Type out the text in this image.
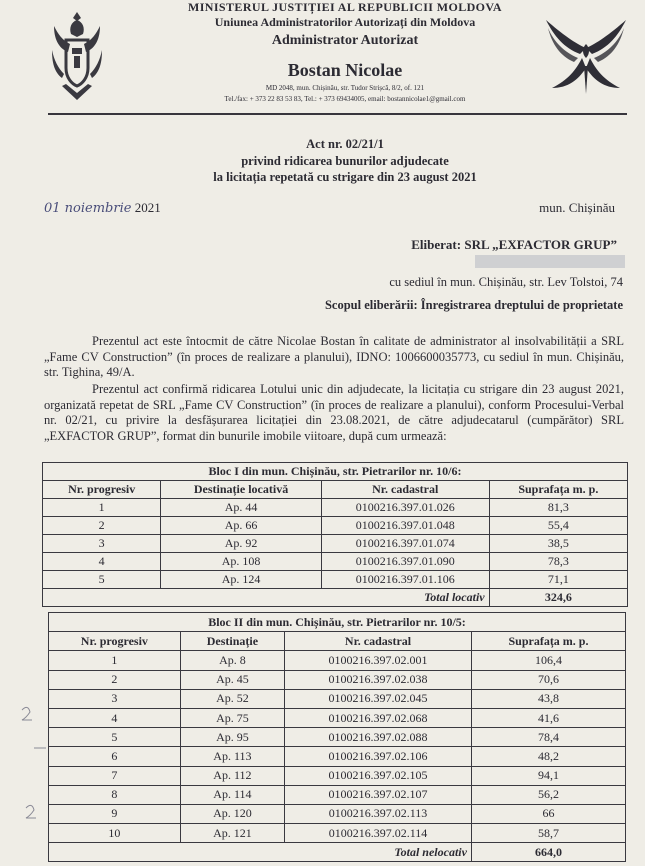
MINISTERUL JUSTIȚIEI AL REPUBLICII MOLDOVA
Uniunea Administratorilor Autorizați din Moldova
Administrator Autorizat
Bostan Nicolae
MD 2048, mun. Chișinău, str. Tudor Strișcă, 8/2, of. 121
Tel./fax: + 373 22 83 53 83, Tel.: + 373 69434005, email: bostannicolae1@gmail.com
Act nr. 02/21/1
privind ridicarea bunurilor adjudecate
la licitația repetată cu strigare din 23 august 2021
01 noiembrie 2021	mun. Chișinău
Eliberat: SRL „EXFACTOR GRUP”
cu sediul în mun. Chișinău, str. Lev Tolstoi, 74
Scopul eliberării: Înregistrarea dreptului de proprietate
Prezentul act este întocmit de către Nicolae Bostan în calitate de administrator al insolvabilității a SRL „Fame CV Construction” (în proces de realizare a planului), IDNO: 1006600035773, cu sediul în mun. Chișinău, str. Tighina, 49/A.
Prezentul act confirmă ridicarea Lotului unic din adjudecate, la licitația cu strigare din 23 august 2021, organizată repetat de SRL „Fame CV Construction” (în proces de realizare a planului), conform Procesului-Verbal nr. 02/21, cu privire la desfășurarea licitației din 23.08.2021, de către adjudecatarul (cumpărător) SRL „EXFACTOR GRUP”, format din bunurile imobile viitoare, după cum urmează:
Bloc I din mun. Chișinău, str. Pietrarilor nr. 10/6:			
Nr. progresiv	Destinație locativă	Nr. cadastral	Suprafața m. p.
1	Ap. 44	0100216.397.01.026	81,3
2	Ap. 66	0100216.397.01.048	55,4
3	Ap. 92	0100216.397.01.074	38,5
4	Ap. 108	0100216.397.01.090	78,3
5	Ap. 124	0100216.397.01.106	71,1
Total locativ			324,6
Bloc II din mun. Chișinău, str. Pietrarilor nr. 10/5:			
Nr. progresiv	Destinație	Nr. cadastral	Suprafața m. p.
1	Ap. 8	0100216.397.02.001	106,4
2	Ap. 45	0100216.397.02.038	70,6
3	Ap. 52	0100216.397.02.045	43,8
4	Ap. 75	0100216.397.02.068	41,6
5	Ap. 95	0100216.397.02.088	78,4
6	Ap. 113	0100216.397.02.106	48,2
7	Ap. 112	0100216.397.02.105	94,1
8	Ap. 114	0100216.397.02.107	56,2
9	Ap. 120	0100216.397.02.113	66
10	Ap. 121	0100216.397.02.114	58,7
Total nelocativ			664,0
